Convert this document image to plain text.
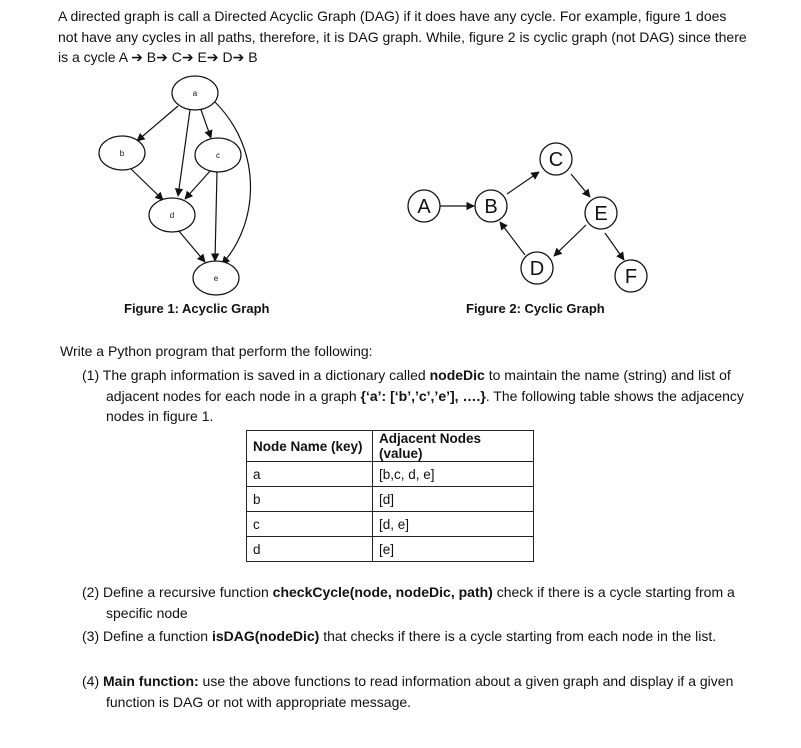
A directed graph is call a Directed Acyclic Graph (DAG) if it does have any cycle. For example, figure 1 does not have any cycles in all paths, therefore, it is DAG graph. While, figure 2 is cyclic graph (not DAG) since there is a cycle A ➔ B➔ C➔ E➔ D➔ B

a
b	c
d
e

Figure 1: Acyclic Graph

A	B
C
E
D	F

Figure 2: Cyclic Graph

Write a Python program that perform the following:

(1) The graph information is saved in a dictionary called nodeDic to maintain the name (string) and list of adjacent nodes for each node in a graph {‘a’: [‘b’,’c’,’e’], ….}. The following table shows the adjacency nodes in figure 1.

Node Name (key)	Adjacent Nodes (value)
a	[b,c, d, e]
b	[d]
c	[d, e]
d	[e]

(2) Define a recursive function checkCycle(node, nodeDic, path) check if there is a cycle starting from a specific node

(3) Define a function isDAG(nodeDic) that checks if there is a cycle starting from each node in the list.

(4) Main function: use the above functions to read information about a given graph and display if a given function is DAG or not with appropriate message.
